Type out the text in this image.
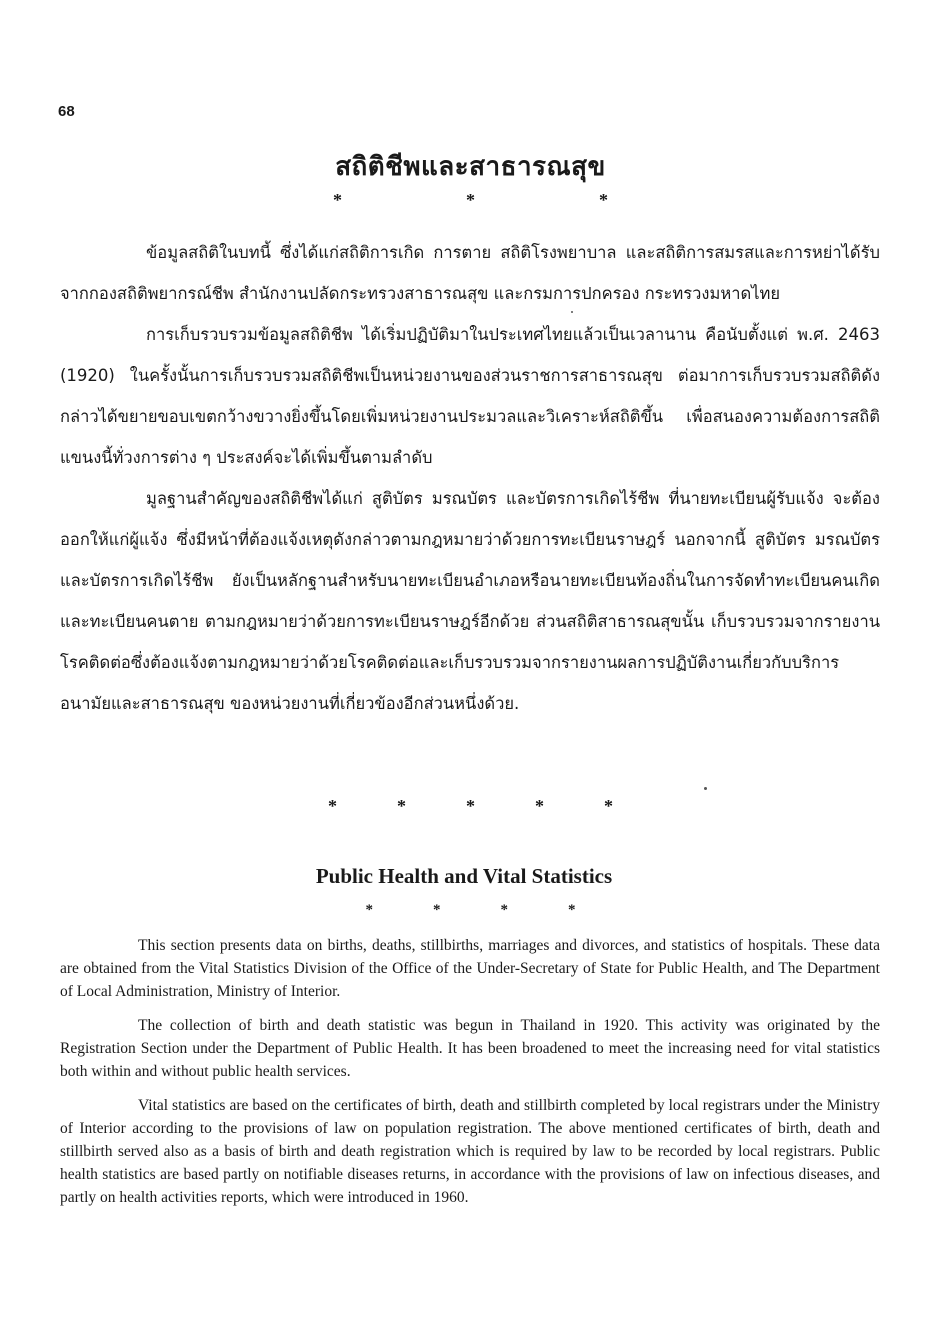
68
สถิติชีพและสาธารณสุข
*	*	*

ข้อมูลสถิติในบทนี้ ซึ่งได้แก่สถิติการเกิด การตาย สถิติโรงพยาบาล และสถิติการสมรสและการหย่าได้รับจากกองสถิติพยากรณ์ชีพ สำนักงานปลัดกระทรวงสาธารณสุข และกรมการปกครอง กระทรวงมหาดไทย

การเก็บรวบรวมข้อมูลสถิติชีพ ได้เริ่มปฏิบัติมาในประเทศไทยแล้วเป็นเวลานาน คือนับตั้งแต่ พ.ศ. 2463 (1920) ในครั้งนั้นการเก็บรวบรวมสถิติชีพเป็นหน่วยงานของส่วนราชการสาธารณสุข ต่อมาการเก็บรวบรวมสถิติดังกล่าวได้ขยายขอบเขตกว้างขวางยิ่งขึ้นโดยเพิ่มหน่วยงานประมวลและวิเคราะห์สถิติขึ้น เพื่อสนองความต้องการสถิติแขนงนี้ทั่วงการต่าง ๆ ประสงค์จะได้เพิ่มขึ้นตามลำดับ

มูลฐานสำคัญของสถิติชีพได้แก่ สูติบัตร มรณบัตร และบัตรการเกิดไร้ชีพ ที่นายทะเบียนผู้รับแจ้ง จะต้องออกให้แก่ผู้แจ้ง ซึ่งมีหน้าที่ต้องแจ้งเหตุดังกล่าวตามกฎหมายว่าด้วยการทะเบียนราษฎร์ นอกจากนี้ สูติบัตร มรณบัตรและบัตรการเกิดไร้ชีพ ยังเป็นหลักฐานสำหรับนายทะเบียนอำเภอหรือนายทะเบียนท้องถิ่นในการจัดทำทะเบียนคนเกิด และทะเบียนคนตาย ตามกฎหมายว่าด้วยการทะเบียนราษฎร์อีกด้วย ส่วนสถิติสาธารณสุขนั้น เก็บรวบรวมจากรายงานโรคติดต่อซึ่งต้องแจ้งตามกฎหมายว่าด้วยโรคติดต่อและเก็บรวบรวมจากรายงานผลการปฏิบัติงานเกี่ยวกับบริการอนามัยและสาธารณสุข ของหน่วยงานที่เกี่ยวข้องอีกส่วนหนึ่งด้วย.

*	*	*	*	*
Public Health and Vital Statistics
*	*	*	*

This section presents data on births, deaths, stillbirths, marriages and divorces, and statistics of hospitals. These data are obtained from the Vital Statistics Division of the Office of the Under-Secretary of State for Public Health, and The Department of Local Administration, Ministry of Interior.

The collection of birth and death statistic was begun in Thailand in 1920. This activity was originated by the Registration Section under the Department of Public Health. It has been broadened to meet the increasing need for vital statistics both within and without public health services.

Vital statistics are based on the certificates of birth, death and stillbirth completed by local registrars under the Ministry of Interior according to the provisions of law on population registration. The above mentioned certificates of birth, death and stillbirth served also as a basis of birth and death registration which is required by law to be recorded by local registrars. Public health statistics are based partly on notifiable diseases returns, in accordance with the provisions of law on infectious diseases, and partly on health activities reports, which were introduced in 1960.
